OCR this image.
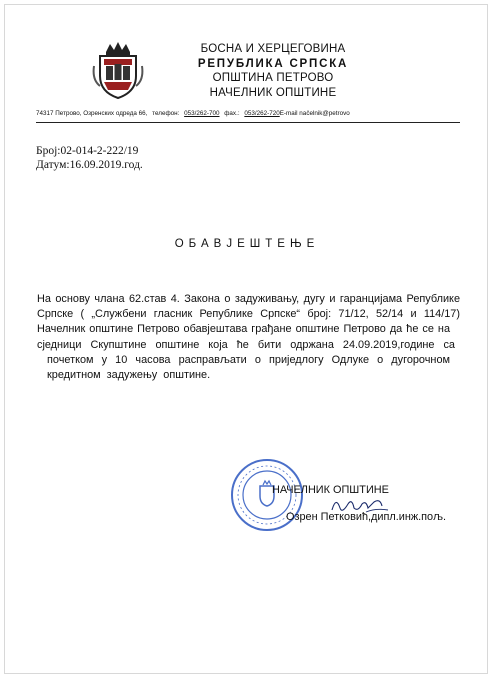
БОСНА И ХЕРЦЕГОВИНА
РЕПУБЛИКА СРПСКА
ОПШТИНА ПЕТРОВО
НАЧЕЛНИК ОПШТИНЕ
74317 Петрово, Озренских одреда 66, телефон: 053/262-700 фах.: 053/262-720E-mail načelnik@petrovo
Број:02-014-2-222/19
Датум:16.09.2019.год.
ОБАВЈЕШТЕЊЕ
На основу члана 62.став 4. Закона о задуживању, дугу и гаранцијама Републике
Српске ( „Службени гласник Републике Српске“ број: 71/12, 52/14 и 114/17)
Начелник општине Петрово обавјештава грађане општине Петрово да ће се на
сједници Скупштине општине која ће бити одржана 24.09.2019,године са
почетком у 10 часова расправљати о приједлогу Одлуке о дугорочном
кредитном задужењу општине.
НАЧЕЛНИК ОПШТИНЕ
Озрен Петковић,дипл.инж.пољ.
